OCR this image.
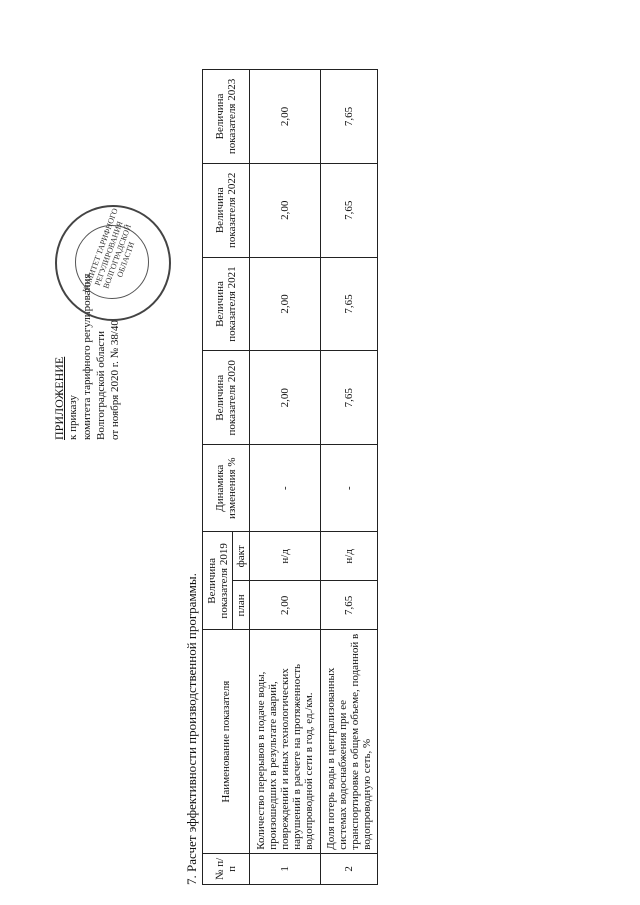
ПРИЛОЖЕНИЕ к приказу комитета тарифного регулирования Волгоградской области от ноября 2020 г. № 38/40
КОМИТЕТ ТАРИФНОГО РЕГУЛИРОВАНИЯ ВОЛГОГРАДСКОЙ ОБЛАСТИ
7. Расчет эффективности производственной программы. № п/п	Наименование показателя	Величина показателя 2019		Динамика изменения %	Величина показателя 2020	Величина показателя 2021	Величина показателя 2022	Величина показателя 2023
		план	факт					
1	Количество перерывов в подаче воды, произошедших в результате аварий, повреждений и иных технологических нарушений в расчете на протяженность водопроводной сети в год, ед./км.	2,00	н/д	-	2,00	2,00	2,00	2,00
2	Доля потерь воды в централизованных системах водоснабжения при ее транспортировке в общем объеме, поданной в водопроводную сеть, %	7,65	н/д	-	7,65	7,65	7,65	7,65
